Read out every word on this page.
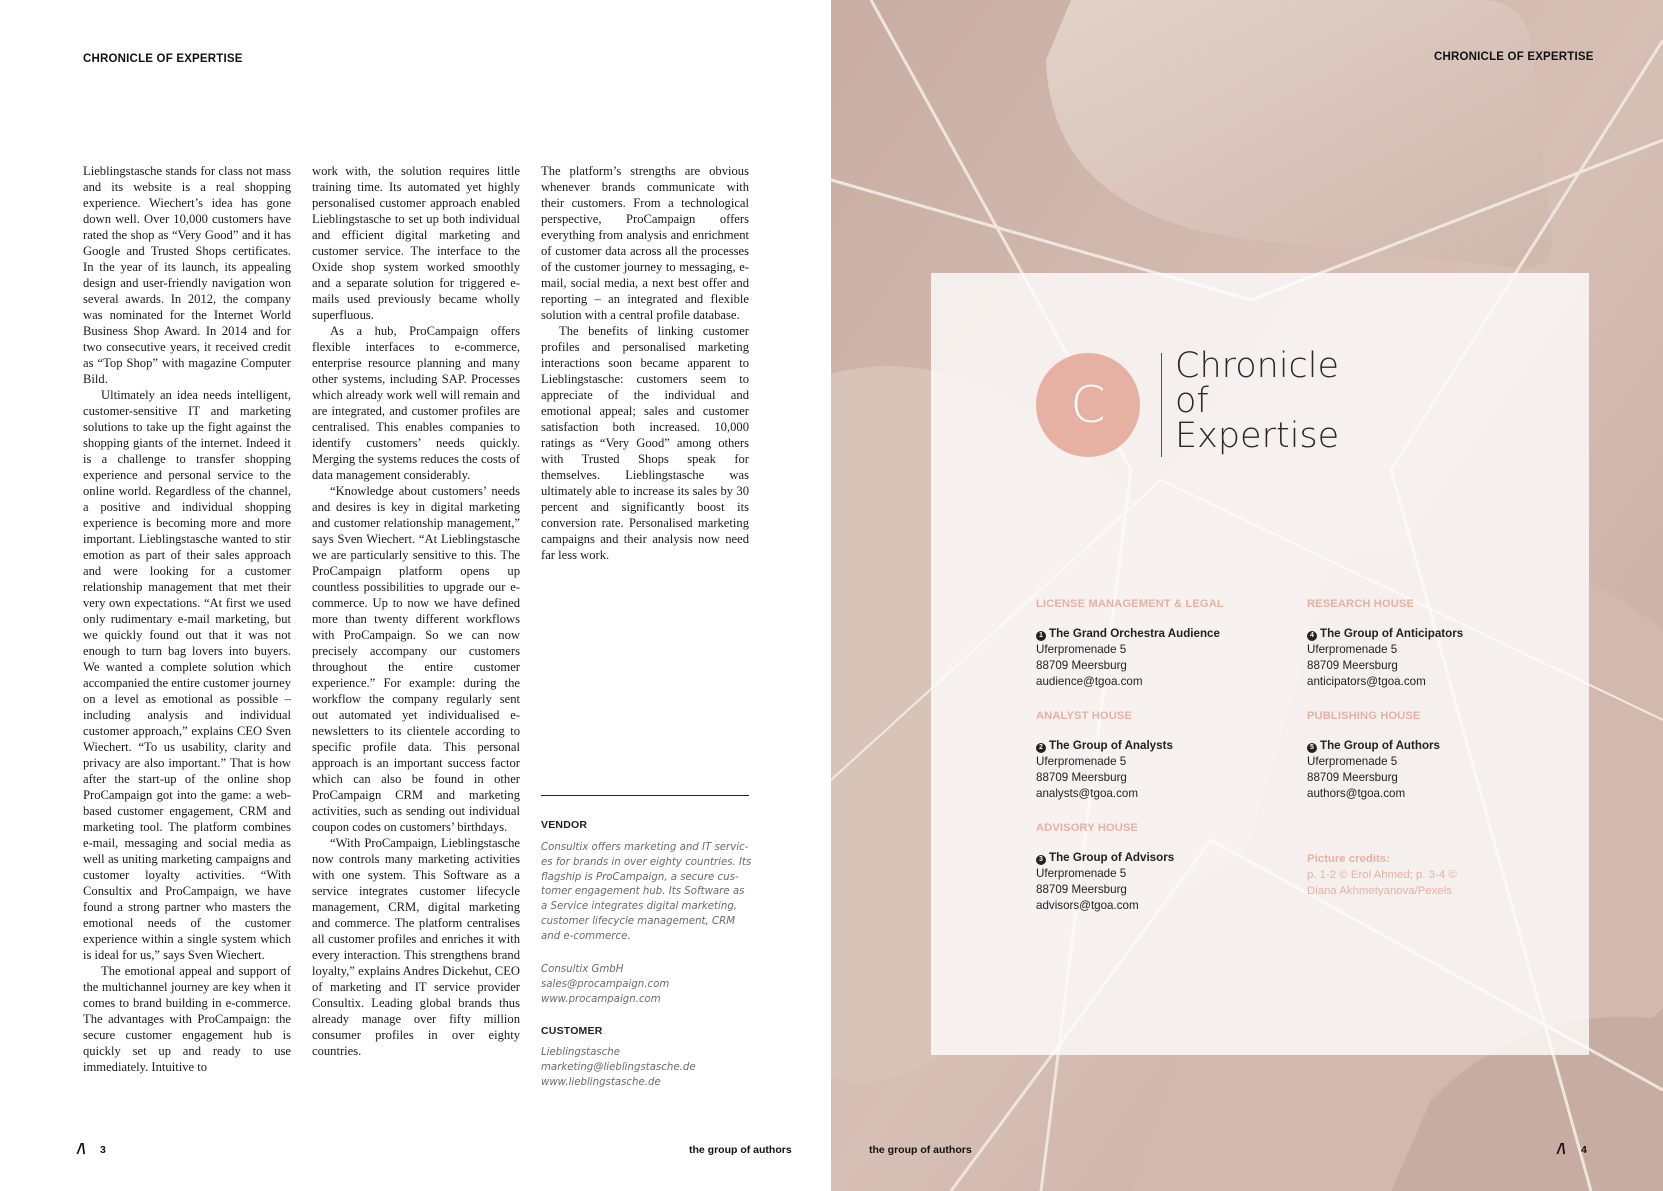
CHRONICLE OF EXPERTISE

Lieblingstasche stands for class not mass and its website is a real shopping experience. Wiechert’s idea has gone down well. Over 10,000 customers have rated the shop as “Very Good” and it has Google and Trusted Shops certificates. In the year of its launch, its appealing design and user-friendly navigation won several awards. In 2012, the company was nominated for the Internet World Business Shop Award. In 2014 and for two consecutive years, it received credit as “Top Shop” with magazine Computer Bild.

Ultimately an idea needs intelligent, customer-sensitive IT and marketing solutions to take up the fight against the shopping giants of the internet. Indeed it is a challenge to transfer shopping experience and personal service to the online world. Regardless of the channel, a positive and individual shopping experience is becoming more and more important. Lieblingstasche wanted to stir emotion as part of their sales approach and were looking for a customer relationship management that met their very own expectations. “At first we used only rudimentary e-mail marketing, but we quickly found out that it was not enough to turn bag lovers into buyers. We wanted a complete solution which accompanied the entire customer journey on a level as emotional as possible – including analysis and individual customer approach,” explains CEO Sven Wiechert. “To us usability, clarity and privacy are also important.” That is how after the start-up of the online shop ProCampaign got into the game: a web-based customer engagement, CRM and marketing tool. The platform combines e-mail, messaging and social media as well as uniting marketing campaigns and customer loyalty activities. “With Consultix and ProCampaign, we have found a strong partner who masters the emotional needs of the customer experience within a single system which is ideal for us,” says Sven Wiechert.

The emotional appeal and support of the multichannel journey are key when it comes to brand building in e-commerce. The advantages with ProCampaign: the secure customer engagement hub is quickly set up and ready to use immediately. Intuitive to

work with, the solution requires little training time. Its automated yet highly personalised customer approach enabled Lieblingstasche to set up both individual and efficient digital marketing and customer service. The interface to the Oxide shop system worked smoothly and a separate solution for triggered e-mails used previously became wholly superfluous.

As a hub, ProCampaign offers flexible interfaces to e-commerce, enterprise resource planning and many other systems, including SAP. Processes which already work well will remain and are integrated, and customer profiles are centralised. This enables companies to identify customers’ needs quickly. Merging the systems reduces the costs of data management considerably.

“Knowledge about customers’ needs and desires is key in digital marketing and customer relationship management,” says Sven Wiechert. “At Lieblingstasche we are particularly sensitive to this. The ProCampaign platform opens up countless possibilities to upgrade our e-commerce. Up to now we have defined more than twenty different workflows with ProCampaign. So we can now precisely accompany our customers throughout the entire customer experience.” For example: during the workflow the company regularly sent out automated yet individualised e-newsletters to its clientele according to specific profile data. This personal approach is an important success factor which can also be found in other ProCampaign CRM and marketing activities, such as sending out individual coupon codes on customers’ birthdays.

“With ProCampaign, Lieblingstasche now controls many marketing activities with one system. This Software as a service integrates customer lifecycle management, CRM, digital marketing and commerce. The platform centralises all customer profiles and enriches it with every interaction. This strengthens brand loyalty,” explains Andres Dickehut, CEO of marketing and IT service provider Consultix. Leading global brands thus already manage over fifty million consumer profiles in over eighty countries.

The platform’s strengths are obvious whenever brands communicate with their customers. From a technological perspective, ProCampaign offers everything from analysis and enrichment of customer data across all the processes of the customer journey to messaging, e-mail, social media, a next best offer and reporting – an integrated and flexible solution with a central profile database.

The benefits of linking customer profiles and personalised marketing interactions soon became apparent to Lieblingstasche: customers seem to appreciate of the individual and emotional appeal; sales and customer satisfaction both increased. 10,000 ratings as “Very Good” among others with Trusted Shops speak for themselves. Lieblingstasche was ultimately able to increase its sales by 30 percent and significantly boost its conversion rate. Personalised marketing campaigns and their analysis now need far less work.

VENDOR
Consultix offers marketing and IT servic-
es for brands in over eighty countries. Its
flagship is ProCampaign, a secure cus-
tomer engagement hub. Its Software as
a Service integrates digital marketing,
customer lifecycle management, CRM
and e-commerce.
Consultix GmbH
sales@procampaign.com
www.procampaign.com
CUSTOMER
Lieblingstasche
marketing@lieblingstasche.de
www.lieblingstasche.de
/\ 3	the group of authors
CHRONICLE OF EXPERTISE
C
Chronicle
of
Expertise
LICENSE MANAGEMENT & LEGAL
1 The Grand Orchestra Audience
Uferpromenade 5
88709 Meersburg
audience@tgoa.com
ANALYST HOUSE
2 The Group of Analysts
Uferpromenade 5
88709 Meersburg
analysts@tgoa.com
ADVISORY HOUSE
3 The Group of Advisors
Uferpromenade 5
88709 Meersburg
advisors@tgoa.com
RESEARCH HOUSE
4 The Group of Anticipators
Uferpromenade 5
88709 Meersburg
anticipators@tgoa.com
PUBLISHING HOUSE
5 The Group of Authors
Uferpromenade 5
88709 Meersburg
authors@tgoa.com
Picture credits:
p. 1-2 © Erol Ahmed; p. 3-4 ©
Diana Akhmetyanova/Pexels
the group of authors	/\ 4
